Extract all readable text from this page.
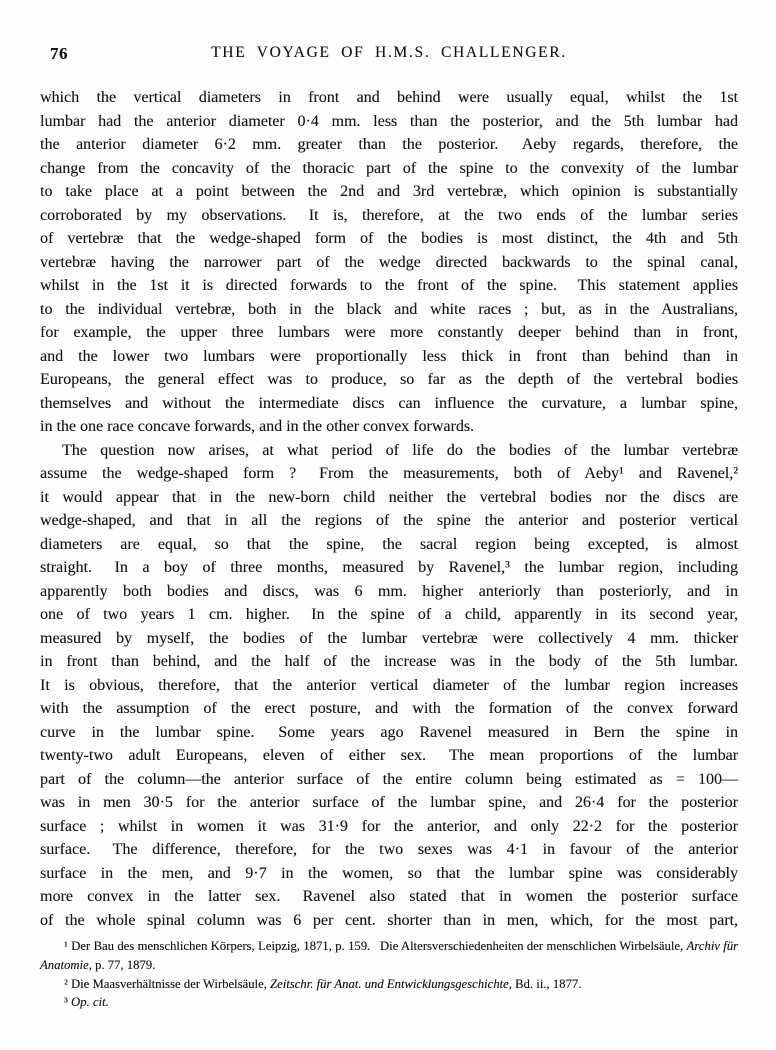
76	THE VOYAGE OF H.M.S. CHALLENGER.
which the vertical diameters in front and behind were usually equal, whilst the 1st
lumbar had the anterior diameter 0·4 mm. less than the posterior, and the 5th lumbar had
the anterior diameter 6·2 mm. greater than the posterior.  Aeby regards, therefore, the
change from the concavity of the thoracic part of the spine to the convexity of the lumbar
to take place at a point between the 2nd and 3rd vertebræ, which opinion is substantially
corroborated by my observations.  It is, therefore, at the two ends of the lumbar series
of vertebræ that the wedge-shaped form of the bodies is most distinct, the 4th and 5th
vertebræ having the narrower part of the wedge directed backwards to the spinal canal,
whilst in the 1st it is directed forwards to the front of the spine.  This statement applies
to the individual vertebræ, both in the black and white races ; but, as in the Australians,
for example, the upper three lumbars were more constantly deeper behind than in front,
and the lower two lumbars were proportionally less thick in front than behind than in
Europeans, the general effect was to produce, so far as the depth of the vertebral bodies
themselves and without the intermediate discs can influence the curvature, a lumbar spine,
in the one race concave forwards, and in the other convex forwards.
The question now arises, at what period of life do the bodies of the lumbar vertebræ
assume the wedge-shaped form ?  From the measurements, both of Aeby¹ and Ravenel,²
it would appear that in the new-born child neither the vertebral bodies nor the discs are
wedge-shaped, and that in all the regions of the spine the anterior and posterior vertical
diameters are equal, so that the spine, the sacral region being excepted, is almost
straight.  In a boy of three months, measured by Ravenel,³ the lumbar region, including
apparently both bodies and discs, was 6 mm. higher anteriorly than posteriorly, and in
one of two years 1 cm. higher.  In the spine of a child, apparently in its second year,
measured by myself, the bodies of the lumbar vertebræ were collectively 4 mm. thicker
in front than behind, and the half of the increase was in the body of the 5th lumbar.
It is obvious, therefore, that the anterior vertical diameter of the lumbar region increases
with the assumption of the erect posture, and with the formation of the convex forward
curve in the lumbar spine.  Some years ago Ravenel measured in Bern the spine in
twenty-two adult Europeans, eleven of either sex.  The mean proportions of the lumbar
part of the column—the anterior surface of the entire column being estimated as = 100—
was in men 30·5 for the anterior surface of the lumbar spine, and 26·4 for the posterior
surface ; whilst in women it was 31·9 for the anterior, and only 22·2 for the posterior
surface.  The difference, therefore, for the two sexes was 4·1 in favour of the anterior
surface in the men, and 9·7 in the women, so that the lumbar spine was considerably
more convex in the latter sex.  Ravenel also stated that in women the posterior surface
of the whole spinal column was 6 per cent. shorter than in men, which, for the most part,
¹ Der Bau des menschlichen Körpers, Leipzig, 1871, p. 159.  Die Altersverschiedenheiten der menschlichen Wirbelsäule, Archiv für Anatomie, p. 77, 1879.
² Die Maasverhältnisse der Wirbelsäule, Zeitschr. für Anat. und Entwicklungsgeschichte, Bd. ii., 1877.
³ Op. cit.
